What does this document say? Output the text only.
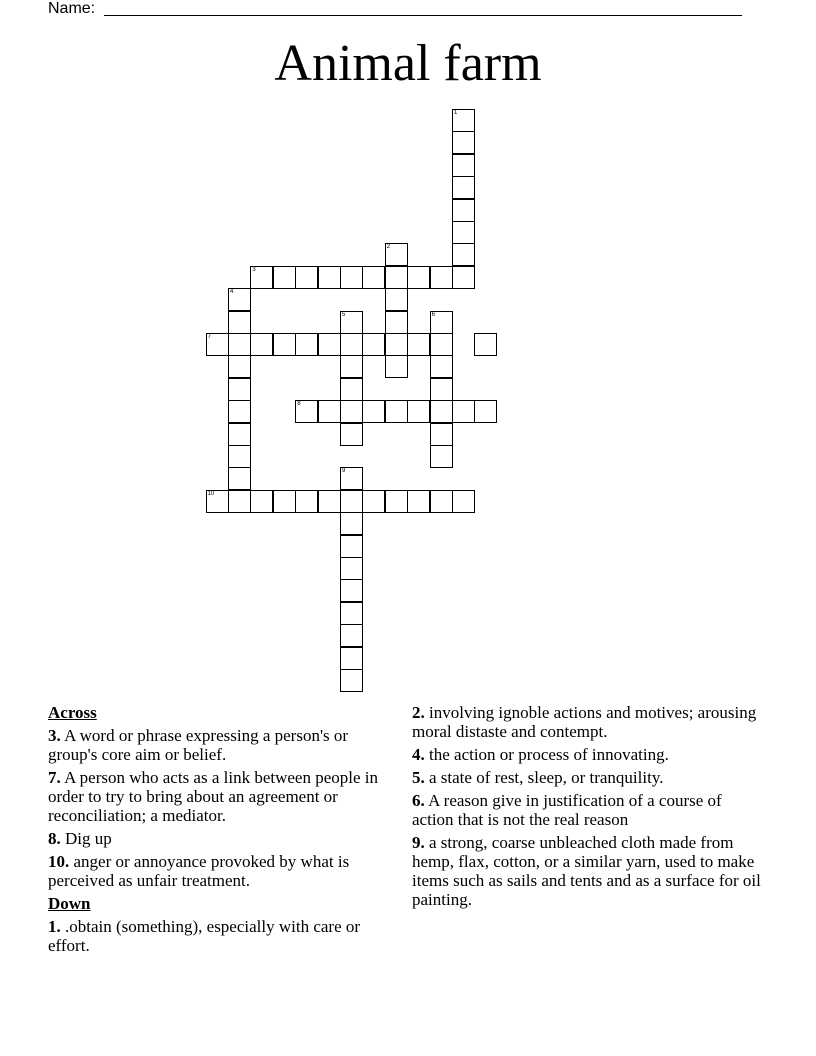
Name:
Animal farm
1
2
3
4
5	6
7
8
9
10
Across
3. A word or phrase expressing a person's or group's core aim or belief.
7. A person who acts as a link between people in order to try to bring about an agreement or reconciliation; a mediator.
8. Dig up
10. anger or annoyance provoked by what is perceived as unfair treatment.
Down
1. .obtain (something), especially with care or effort.
2. involving ignoble actions and motives; arousing moral distaste and contempt.
4. the action or process of innovating.
5. a state of rest, sleep, or tranquility.
6. A reason give in justification of a course of action that is not the real reason
9. a strong, coarse unbleached cloth made from hemp, flax, cotton, or a similar yarn, used to make items such as sails and tents and as a surface for oil painting.
